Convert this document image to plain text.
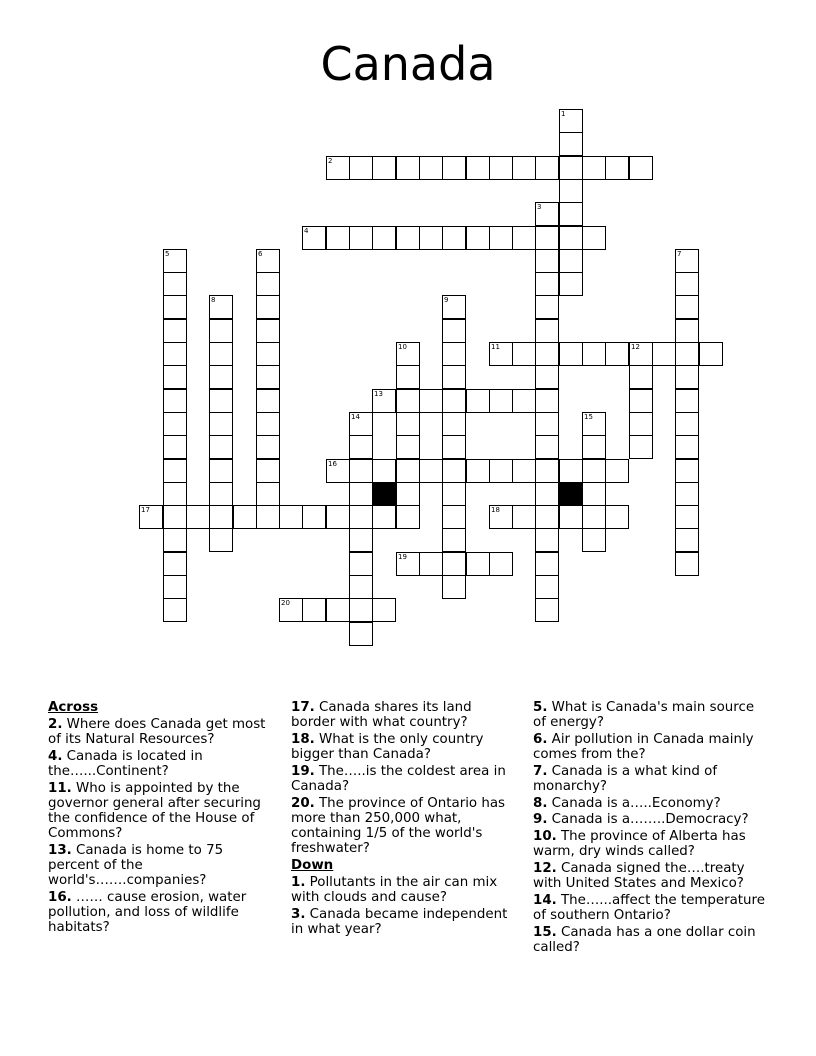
Canada
1
2
3
4
5	6	7
8	9
10	11	12
13
14	15
16
17	18
19
20
Across
2. Where does Canada get most of its Natural Resources?
4. Canada is located in the…...Continent?
11. Who is appointed by the governor general after securing the confidence of the House of Commons?
13. Canada is home to 75 percent of the world's…….companies?
16. …… cause erosion, water pollution, and loss of wildlife habitats?
17. Canada shares its land border with what country?
18. What is the only country bigger than Canada?
19. The…..is the coldest area in Canada?
20. The province of Ontario has more than 250,000 what, containing 1/5 of the world's freshwater?
Down
1. Pollutants in the air can mix with clouds and cause?
3. Canada became independent in what year?
5. What is Canada's main source of energy?
6. Air pollution in Canada mainly comes from the?
7. Canada is a what kind of monarchy?
8. Canada is a…..Economy?
9. Canada is a……..Democracy?
10. The province of Alberta has warm, dry winds called?
12. Canada signed the….treaty with United States and Mexico?
14. The…...affect the temperature of southern Ontario?
15. Canada has a one dollar coin called?
